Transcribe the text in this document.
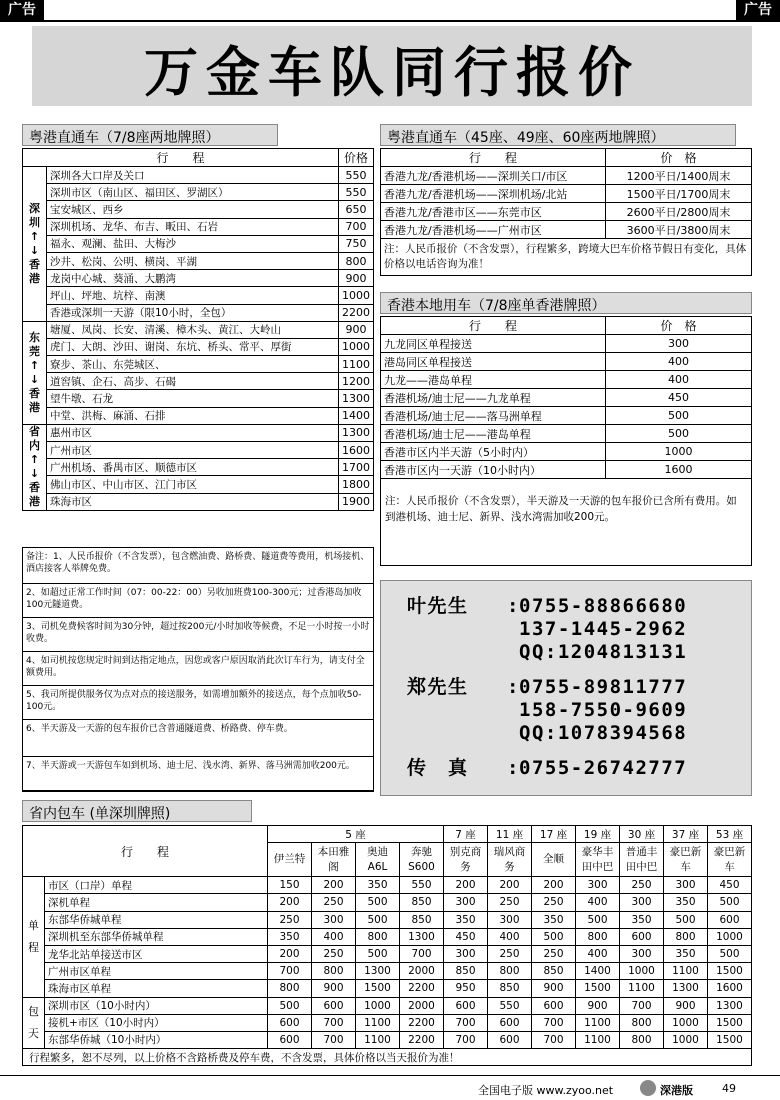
广告	广告
万金车队同行报价
粤港直通车（7/8座两地牌照）
行　　程		价格
深圳↑↓香港	深圳各大口岸及关口	550
	深圳市区（南山区、福田区、罗湖区）	550
	宝安城区、西乡	650
	深圳机场、龙华、布吉、畈田、石岩	700
	福永、观澜、盐田、大梅沙	750
	沙井、松岗、公明、横岗、平湖	800
	龙岗中心城、葵涌、大鹏湾	900
	坪山、坪地、坑梓、南澳	1000
	香港或深圳一天游（限10小时，全包）	2200
东莞↑↓香港	塘厦、凤岗、长安、清溪、樟木头、黄江、大岭山	900
	虎门、大朗、沙田、谢岗、东坑、桥头、常平、厚街	1000
	寮步、茶山、东莞城区、	1100
	道窖镇、企石、高步、石碣	1200
	望牛墩、石龙	1300
	中堂、洪梅、麻涌、石排	1400
省内↑↓香港	惠州市区	1300
	广州市区	1600
	广州机场、番禺市区、顺德市区	1700
	佛山市区、中山市区、江门市区	1800
	珠海市区	1900
备注：1、人民币报价（不含发票），包含燃油费、路桥费、隧道费等费用，机场接机、酒店接客人举牌免费。
2、如超过正常工作时间（07：00-22：00）另收加班费100-300元；过香港岛加收100元隧道费。
3、司机免费候客时间为30分钟，超过按200元/小时加收等候费，不足一小时按一小时收费。
4、如司机按您规定时间到达指定地点，因您或客户原因取消此次订车行为，请支付全额费用。
5、我司所提供服务仅为点对点的接送服务，如需增加额外的接送点，每个点加收50-100元。
6、半天游及一天游的包车报价已含普通隧道费、桥路费、停车费。
7、半天游或一天游包车如到机场、迪士尼、浅水湾、新界、落马洲需加收200元。
粤港直通车（45座、49座、60座两地牌照）
行　　程	价　格
香港九龙/香港机场——深圳关口/市区	1200平日/1400周末
香港九龙/香港机场——深圳机场/北站	1500平日/1700周末
香港九龙/香港市区——东莞市区	2600平日/2800周末
香港九龙/香港机场——广州市区	3600平日/3800周末
注：人民币报价（不含发票），行程繁多，跨境大巴车价格节假日有变化，具体价格以电话咨询为准！
香港本地用车（7/8座单香港牌照）
行　　程	价　格
九龙同区单程接送	300
港岛同区单程接送	400
九龙——港岛单程	400
香港机场/迪士尼——九龙单程	450
香港机场/迪士尼——落马洲单程	500
香港机场/迪士尼——港岛单程	500
香港市区内半天游（5小时内）	1000
香港市区内一天游（10小时内）	1600
注：人民币报价（不含发票），半天游及一天游的包车报价已含所有费用。如到港机场、迪士尼、新界、浅水湾需加收200元。
叶先生	: 0755-88866680
137-1445-2962
QQ:1204813131
郑先生	: 0755-89811777
158-7550-9609
QQ:1078394568
传　真	: 0755-26742777
省内包车 (单深圳牌照)
行　　程		5 座				7 座	11 座	17 座	19 座	30 座	37 座	53 座
		伊兰特	本田雅阁	奥迪A6L	奔驰S600	别克商务	瑞风商务	全顺	豪华丰田中巴	普通丰田中巴	豪巴新车	豪巴新车
单程	市区（口岸）单程	150	200	350	550	200	200	200	300	250	300	450
	深机单程	200	250	500	850	300	250	250	400	300	350	500
	东部华侨城单程	250	300	500	850	350	300	350	500	350	500	600
	深圳机至东部华侨城单程	350	400	800	1300	450	400	500	800	600	800	1000
	龙华北站单接送市区	200	250	500	700	300	250	250	400	300	350	500
	广州市区单程	700	800	1300	2000	850	800	850	1400	1000	1100	1500
	珠海市区单程	800	900	1500	2200	950	850	900	1500	1100	1300	1600
包天	深圳市区（10小时内）	500	600	1000	2000	600	550	600	900	700	900	1300
	接机+市区（10小时内）	600	700	1100	2200	700	600	700	1100	800	1000	1500
	东部华侨城（10小时内）	600	700	1100	2200	700	600	700	1100	800	1000	1500
行程繁多，恕不尽列，以上价格不含路桥费及停车费，不含发票，具体价格以当天报价为准！												
全国电子版 www.zyoo.net	深港版	49
